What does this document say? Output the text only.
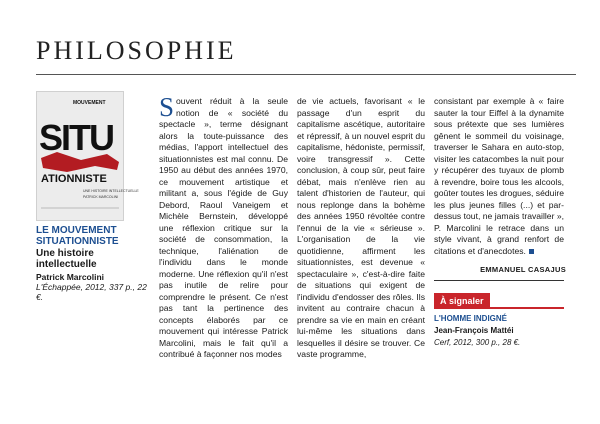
PHILOSOPHIE
MOUVEMENT
SITU
ATIONNISTE
UNE HISTOIRE INTELLECTUELLE
PATRICK MARCOLINI
LE MOUVEMENT SITUATIONNISTE
Une histoire intellectuelle
Patrick Marcolini
L'Échappée, 2012, 337 p., 22 €.

Souvent réduit à la seule notion de « société du spectacle », terme désignant alors la toute-puissance des médias, l'apport intellectuel des situationnistes est mal connu. De 1950 au début des années 1970, ce mouvement artistique et militant a, sous l'égide de Guy Debord, Raoul Vaneigem et Michèle Bernstein, développé une réflexion critique sur la société de consommation, la technique, l'aliénation de l'individu dans le monde moderne. Une réflexion qu'il n'est pas inutile de relire pour comprendre le présent. Ce n'est pas tant la pertinence des concepts élaborés par ce mouvement qui intéresse Patrick Marcolini, mais le fait qu'il a contribué à façonner nos modes

de vie actuels, favorisant « le passage d'un esprit du capitalisme ascétique, autoritaire et répressif, à un nouvel esprit du capitalisme, hédoniste, permissif, voire transgressif ». Cette conclusion, à coup sûr, peut faire débat, mais n'enlève rien au talent d'historien de l'auteur, qui nous replonge dans la bohème des années 1950 révoltée contre l'ennui de la vie « sérieuse ». L'organisation de la vie quotidienne, affirment les situationnistes, est devenue « spectaculaire », c'est-à-dire faite de situations qui exigent de l'individu d'endosser des rôles. Ils invitent au contraire chacun à prendre sa vie en main en créant lui-même les situations dans lesquelles il désire se trouver. Ce vaste programme,

consistant par exemple à « faire sauter la tour Eiffel à la dynamite sous prétexte que ses lumières gênent le sommeil du voisinage, traverser le Sahara en auto-stop, visiter les catacombes la nuit pour y récupérer des tuyaux de plomb à revendre, boire tous les alcools, goûter toutes les drogues, séduire les plus jeunes filles (...) et par-dessus tout, ne jamais travailler », P. Marcolini le retrace dans un style vivant, à grand renfort de citations et d'anecdotes.

EMMANUEL CASAJUS
À signaler
L'HOMME INDIGNÉ
Jean-François Mattéi
Cerf, 2012, 300 p., 28 €.
